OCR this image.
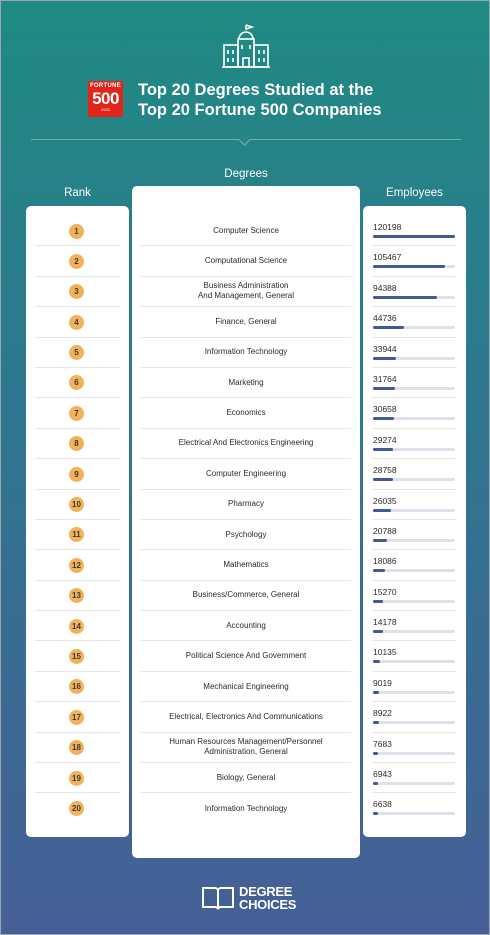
FORTUNE
500
2022
Top 20 Degrees Studied at the
Top 20 Fortune 500 Companies
Rank
Degrees
Employees
1
2
3
4
5
6
7
8
9
10
11
12
13
14
15
16
17
18
19
20
Computer Science
Computational Science
Business Administration
And Management, General
Finance, General
Information Technology
Marketing
Economics
Electrical And Electronics Engineering
Computer Engineering
Pharmacy
Psychology
Mathematics
Business/Commerce, General
Accounting
Political Science And Government
Mechanical Engineering
Electrical, Electronics And Communications
Human Resources Management/Personnel
Administration, General
Biology, General
Information Technology
120198
105467
94388
44736
33944
31764
30658
29274
28758
26035
20788
18086
15270
14178
10135
9019
8922
7683
6943
6638
DEGREE
CHOICES
